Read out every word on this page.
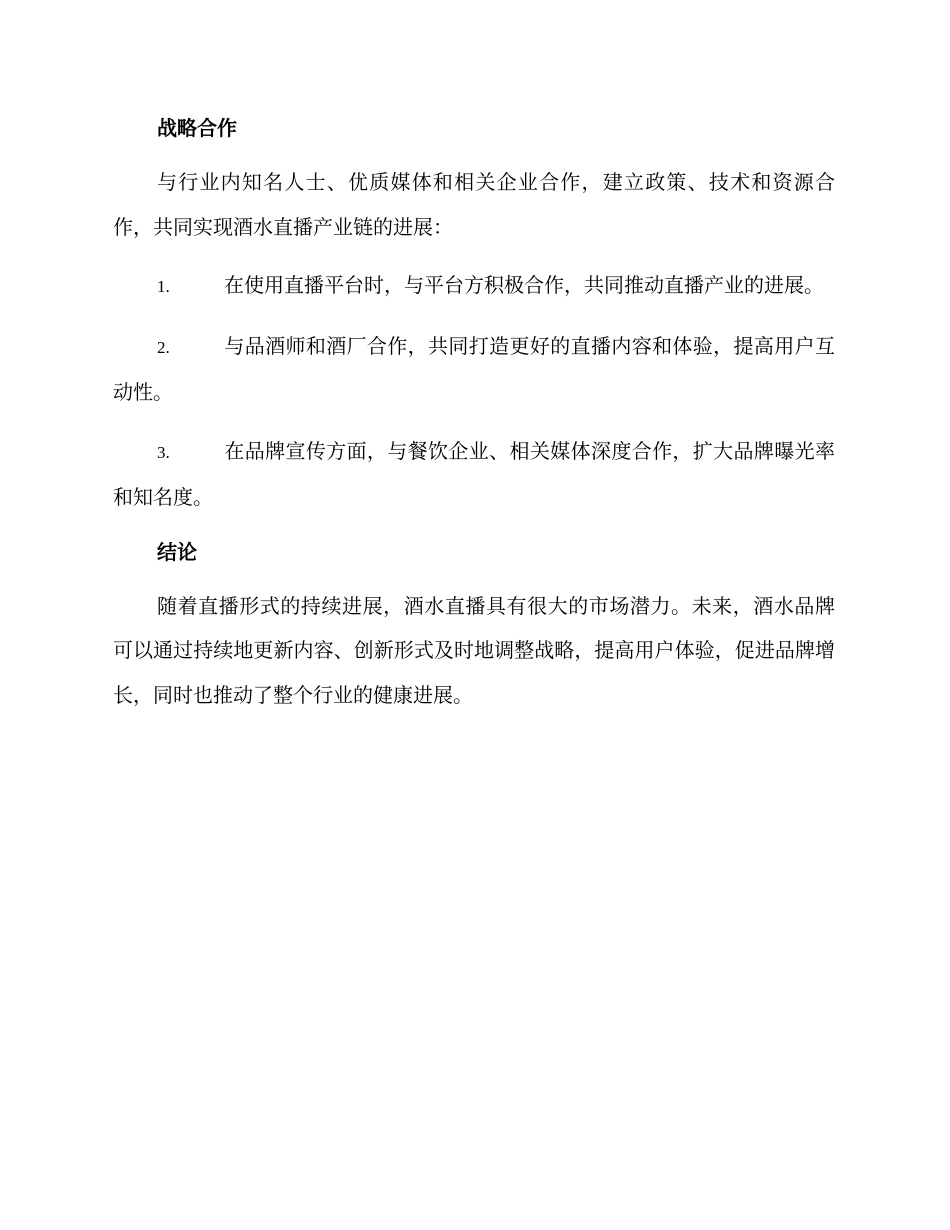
战略合作

与行业内知名人士、优质媒体和相关企业合作，建立政策、技术和资源合作，共同实现酒水直播产业链的进展：

1.	在使用直播平台时，与平台方积极合作，共同推动直播产业的进展。

2.	与品酒师和酒厂合作，共同打造更好的直播内容和体验，提高用户互动性。

3.	在品牌宣传方面，与餐饮企业、相关媒体深度合作，扩大品牌曝光率和知名度。

结论

随着直播形式的持续进展，酒水直播具有很大的市场潜力。未来，酒水品牌可以通过持续地更新内容、创新形式及时地调整战略，提高用户体验，促进品牌增长，同时也推动了整个行业的健康进展。
